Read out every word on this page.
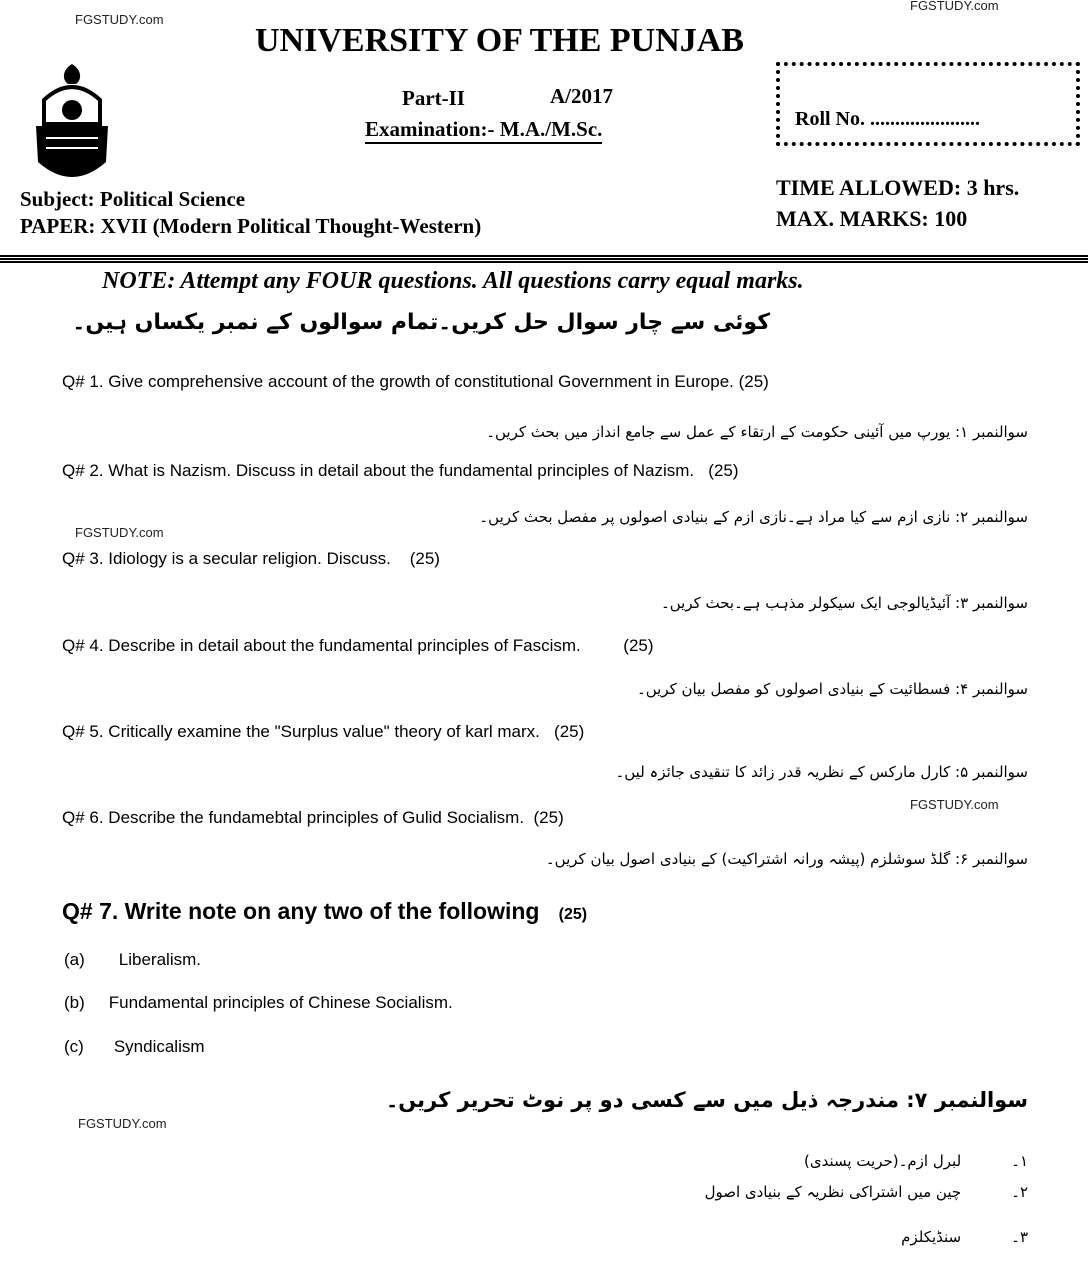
FGSTUDY.com
FGSTUDY.com
FGSTUDY.com
FGSTUDY.com
FGSTUDY.com
UNIVERSITY OF THE PUNJAB
Part-II	A/2017
Examination:- M.A./M.Sc.	Roll No. ......................
Subject: Political Science
PAPER: XVII (Modern Political Thought-Western)
TIME ALLOWED: 3 hrs.
MAX. MARKS: 100
NOTE: Attempt any FOUR questions. All questions carry equal marks.
کوئی سے چار سوال حل کریں۔تمام سوالوں کے نمبر یکساں ہیں۔
Q# 1. Give comprehensive account of the growth of constitutional Government in Europe. (25)
سوالنمبر ۱: یورپ میں آئینی حکومت کے ارتقاء کے عمل سے جامع انداز میں بحث کریں۔
Q# 2. What is Nazism. Discuss in detail about the fundamental principles of Nazism. (25)
سوالنمبر ۲: نازی ازم سے کیا مراد ہے۔نازی ازم کے بنیادی اصولوں پر مفصل بحث کریں۔
Q# 3. Idiology is a secular religion. Discuss. (25)
سوالنمبر ۳: آئیڈیالوجی ایک سیکولر مذہب ہے۔بحث کریں۔
Q# 4. Describe in detail about the fundamental principles of Fascism.	(25)
سوالنمبر ۴: فسطائیت کے بنیادی اصولوں کو مفصل بیان کریں۔
Q# 5. Critically examine the "Surplus value" theory of karl marx. (25)
سوالنمبر ۵: کارل مارکس کے نظریہ قدر زائد کا تنقیدی جائزہ لیں۔
Q# 6. Describe the fundamebtal principles of Gulid Socialism. (25)
سوالنمبر ۶: گلڈ سوشلزم (پیشہ ورانہ اشتراکیت) کے بنیادی اصول بیان کریں۔
Q# 7. Write note on any two of the following (25)
(a) Liberalism.
(b) Fundamental principles of Chinese Socialism.
(c) Syndicalism
سوالنمبر ۷: مندرجہ ذیل میں سے کسی دو پر نوٹ تحریر کریں۔
۱۔لبرل ازم۔(حریت پسندی)
۲۔چین میں اشتراکی نظریہ کے بنیادی اصول
۳۔سنڈیکلزم
